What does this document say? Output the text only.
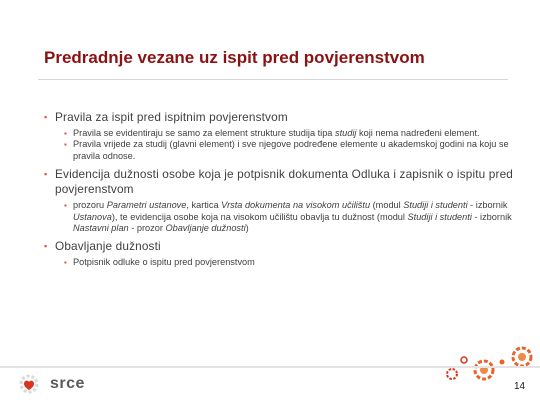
Predradnje vezane uz ispit pred povjerenstvom
▪ Pravila za ispit pred ispitnim povjerenstvom
▪ Pravila se evidentiraju se samo za element strukture studija tipa studij koji nema nadređeni element.
▪ Pravila vrijede za studij (glavni element) i sve njegove podređene elemente u akademskoj godini na koju se pravila odnose.
▪ Evidencija dužnosti osobe koja je potpisnik dokumenta Odluka i zapisnik o ispitu pred povjerenstvom
▪ prozoru Parametri ustanove, kartica Vrsta dokumenta na visokom učilištu (modul Studiji i studenti - izbornik Ustanova), te evidencija osobe koja na visokom učilištu obavlja tu dužnost (modul Studiji i studenti - izbornik Nastavni plan - prozor Obavljanje dužnosti)
▪ Obavljanje dužnosti
▪ Potpisnik odluke o ispitu pred povjerenstvom
srce	14
